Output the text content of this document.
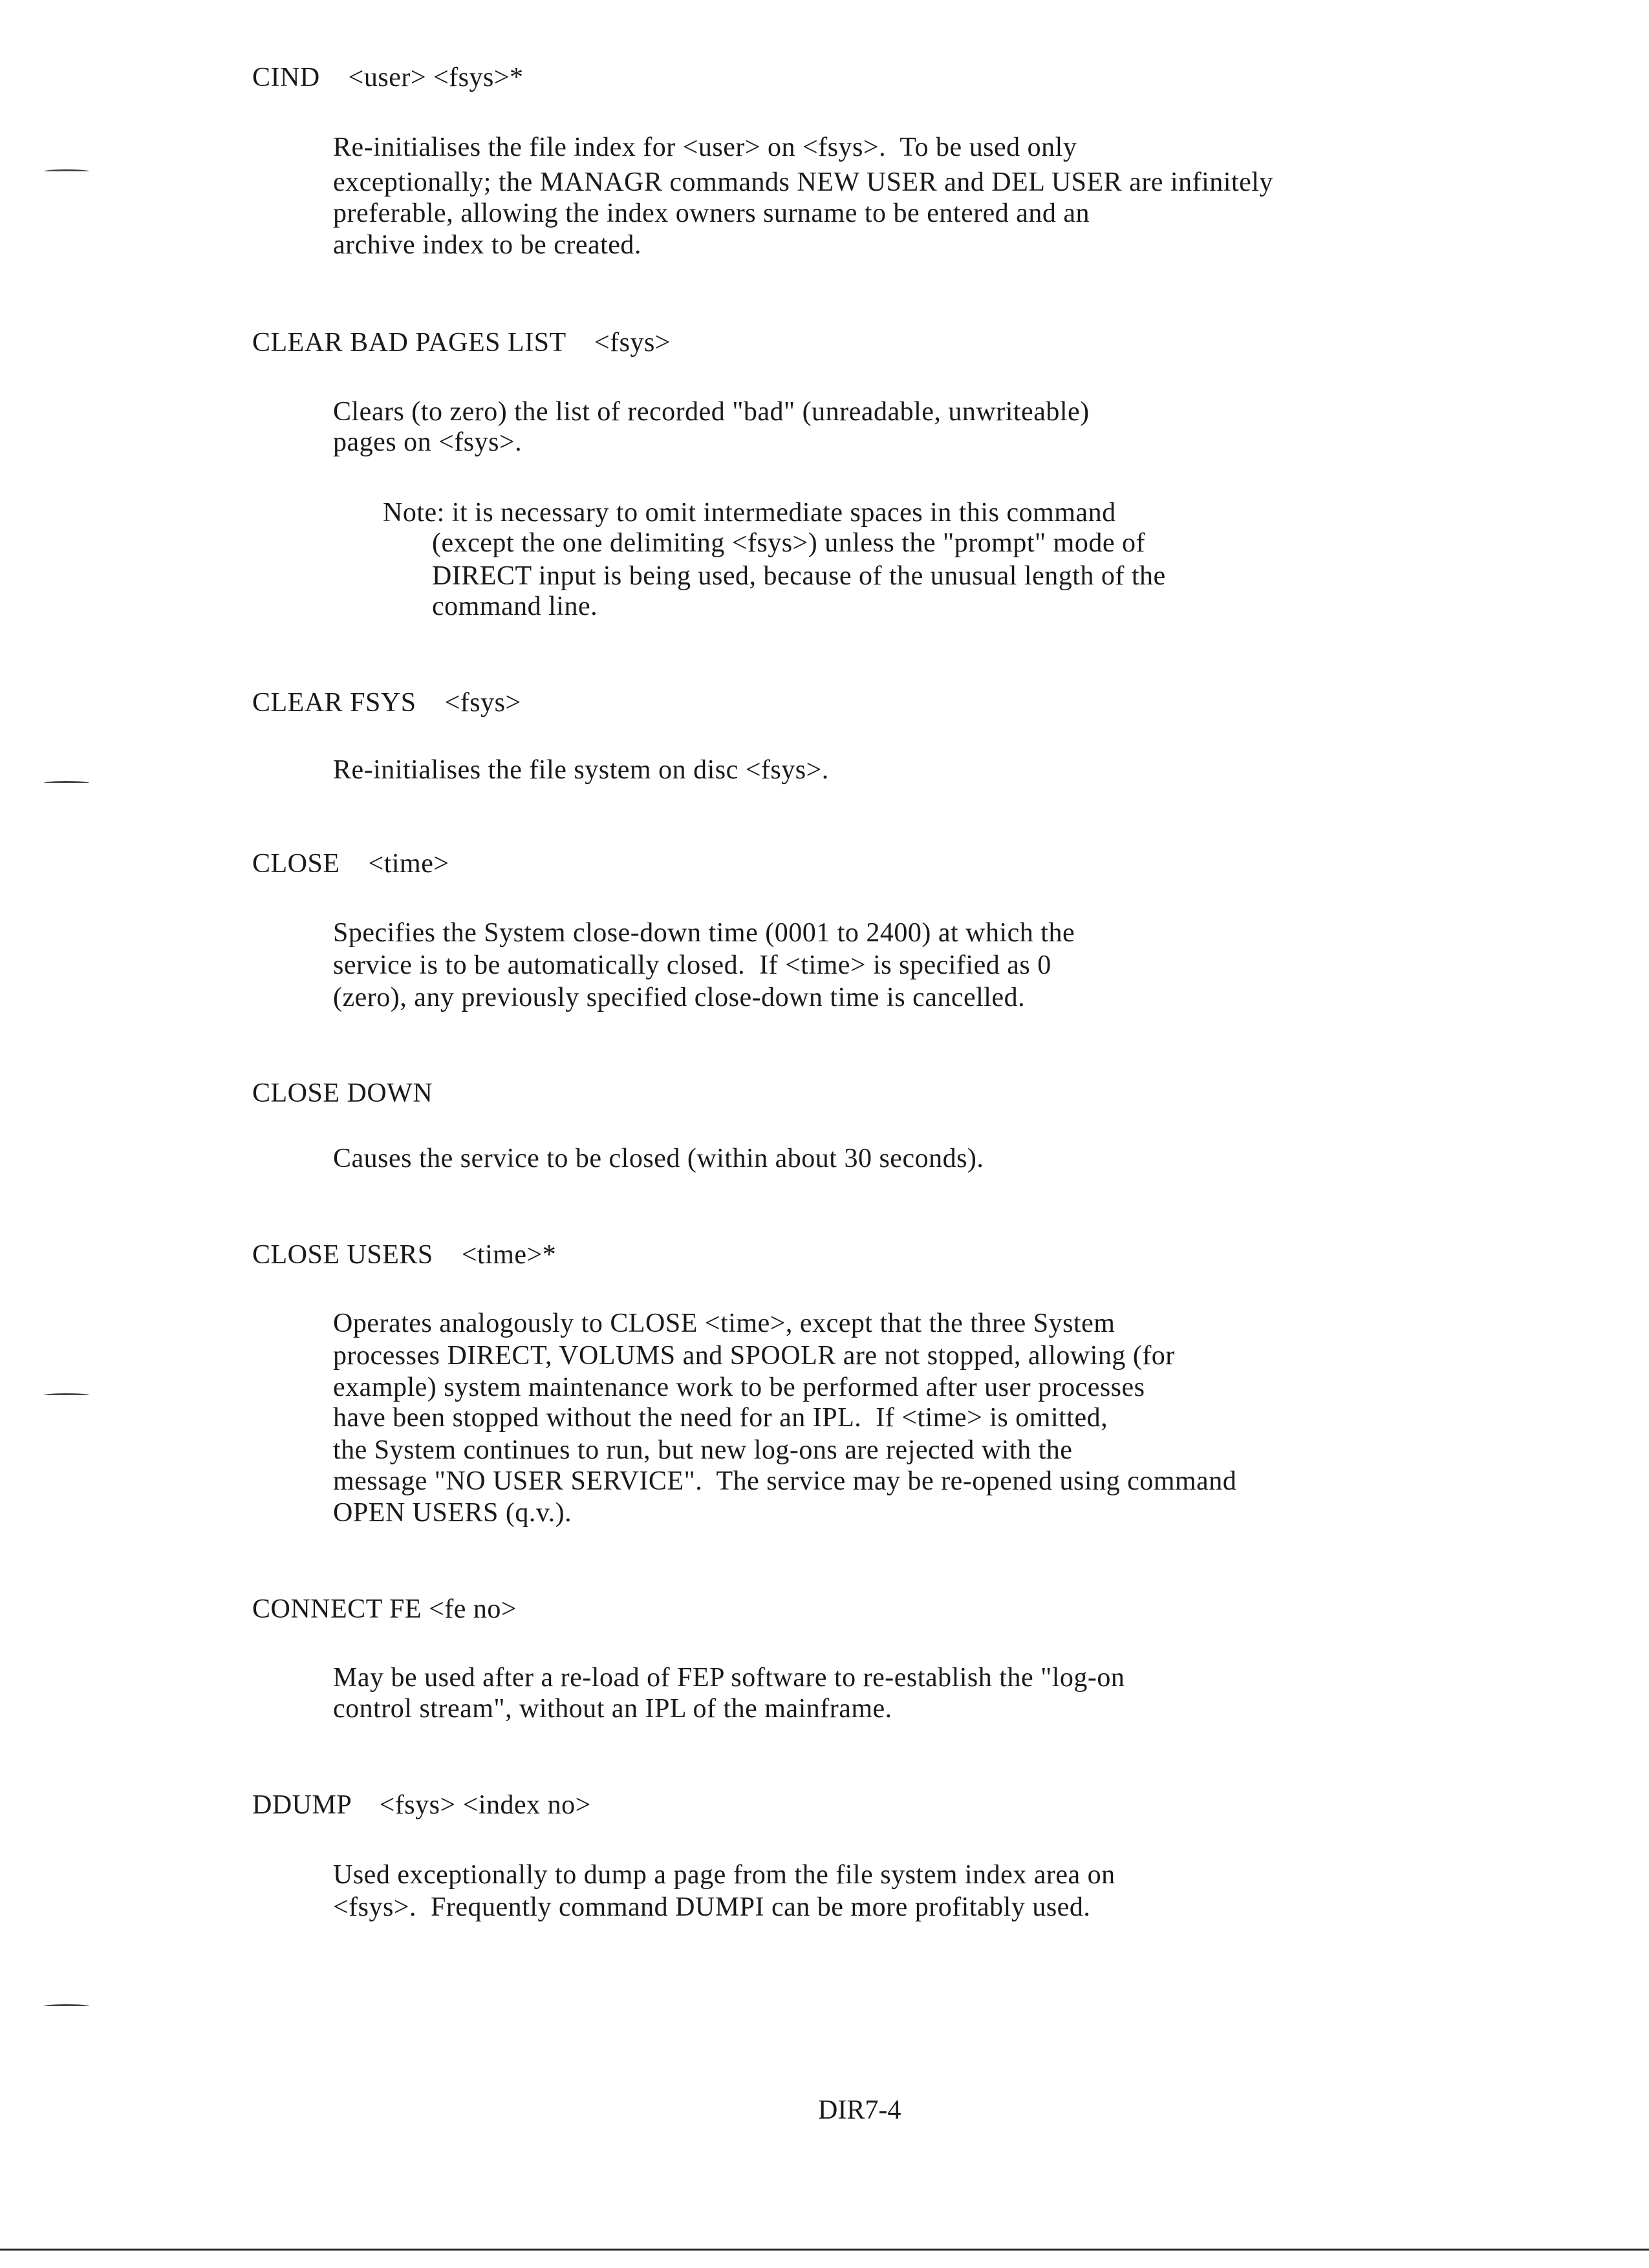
CIND    <user> <fsys>*
Re-initialises the file index for <user> on <fsys>.  To be used only
exceptionally; the MANAGR commands NEW USER and DEL USER are infinitely
preferable, allowing the index owners surname to be entered and an
archive index to be created.
CLEAR BAD PAGES LIST    <fsys>
Clears (to zero) the list of recorded "bad" (unreadable, unwriteable)
pages on <fsys>.
Note: it is necessary to omit intermediate spaces in this command
(except the one delimiting <fsys>) unless the "prompt" mode of
DIRECT input is being used, because of the unusual length of the
command line.
CLEAR FSYS    <fsys>
Re-initialises the file system on disc <fsys>.
CLOSE    <time>
Specifies the System close-down time (0001 to 2400) at which the
service is to be automatically closed.  If <time> is specified as 0
(zero), any previously specified close-down time is cancelled.
CLOSE DOWN
Causes the service to be closed (within about 30 seconds).
CLOSE USERS    <time>*
Operates analogously to CLOSE <time>, except that the three System
processes DIRECT, VOLUMS and SPOOLR are not stopped, allowing (for
example) system maintenance work to be performed after user processes
have been stopped without the need for an IPL.  If <time> is omitted,
the System continues to run, but new log-ons are rejected with the
message "NO USER SERVICE".  The service may be re-opened using command
OPEN USERS (q.v.).
CONNECT FE <fe no>
May be used after a re-load of FEP software to re-establish the "log-on
control stream", without an IPL of the mainframe.
DDUMP    <fsys> <index no>
Used exceptionally to dump a page from the file system index area on
<fsys>.  Frequently command DUMPI can be more profitably used.
DIR7-4
